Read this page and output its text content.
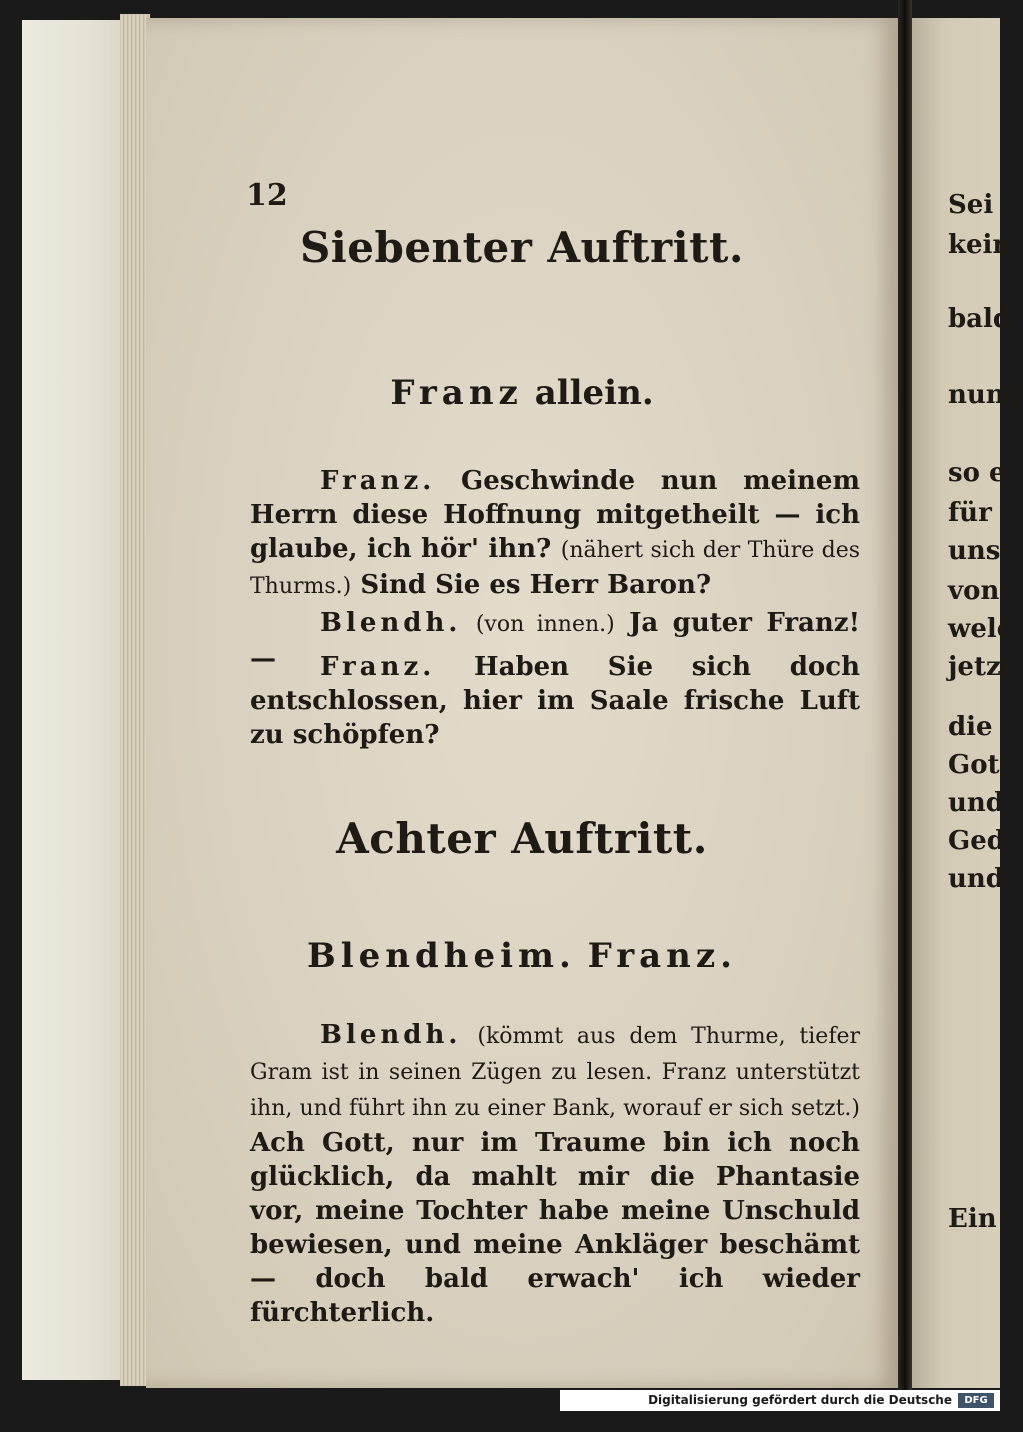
12
Siebenter Auftritt.
Franz allein.
Franz. Geschwinde nun meinem Herrn diese Hoffnung mitgetheilt — ich glaube, ich hör' ihn? (nähert sich der Thüre des Thurms.) Sind Sie es Herr Baron?
Blendh. (von innen.) Ja guter Franz! —	Franz. Haben Sie sich doch entschlossen, hier im Saale frische Luft zu schöpfen?
Achter Auftritt.
Blendheim. Franz.
Blendh. (kömmt aus dem Thurme, tiefer Gram ist in seinen Zügen zu lesen. Franz unterstützt ihn, und führt ihn zu einer Bank, worauf er sich setzt.) Ach Gott, nur im Traume bin ich noch glücklich, da mahlt mir die Phantasie vor, meine Tochter habe meine Unschuld bewiesen, und meine Ankläger beschämt — doch bald erwach' ich wieder fürchterlich.
Sei
kein
bald
nung
so e
für
uns
von
welc
jetzt
die
Got
und
Ged
und
Ein
Digitalisierung gefördert durch die Deutsche Forschungsgemeinschaft -
DFG
